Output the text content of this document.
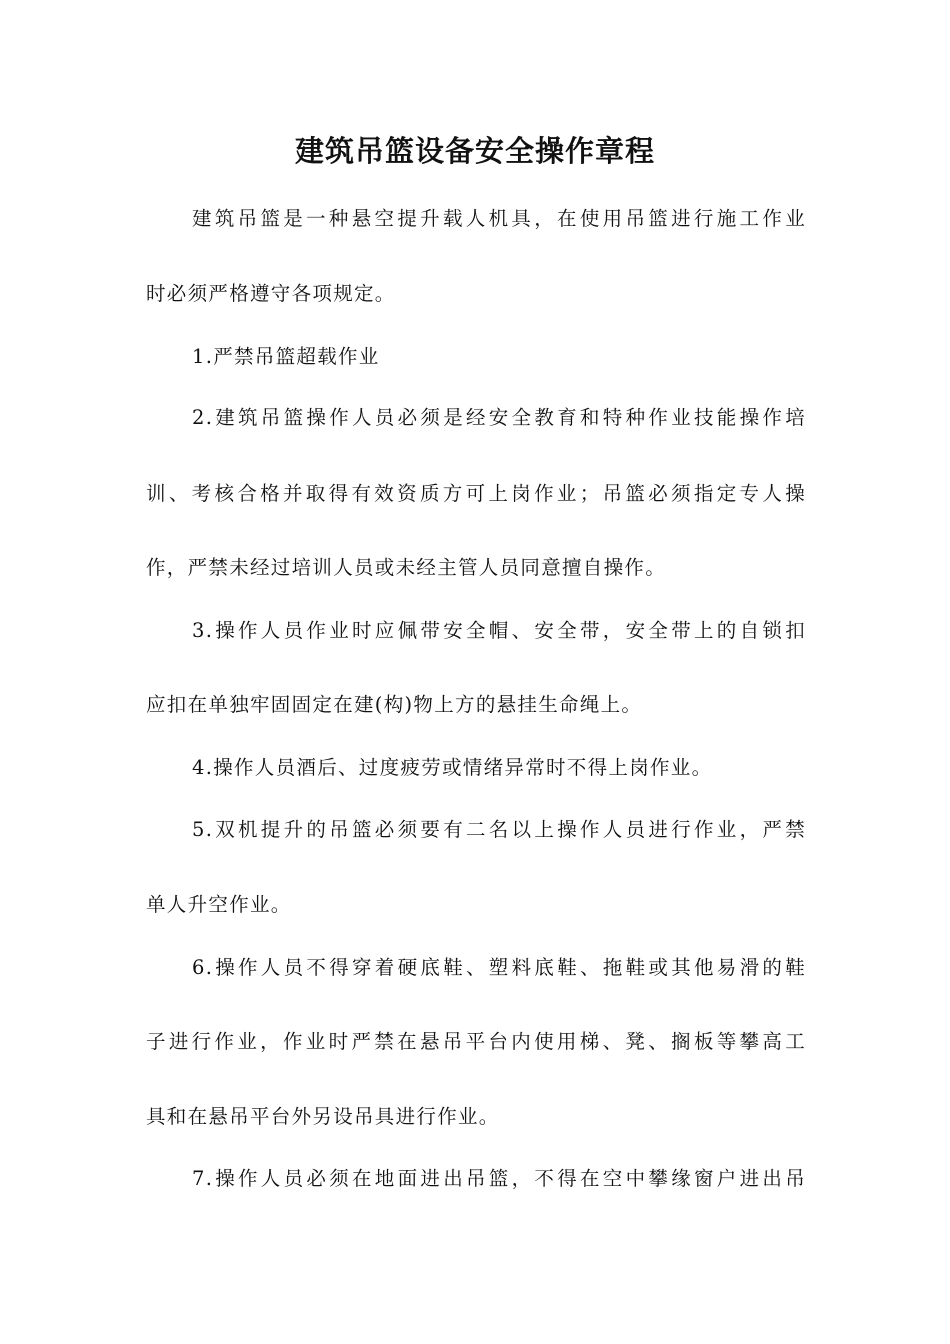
建筑吊篮设备安全操作章程
建筑吊篮是一种悬空提升载人机具，在使用吊篮进行施工作业
时必须严格遵守各项规定。
1.严禁吊篮超载作业
2.建筑吊篮操作人员必须是经安全教育和特种作业技能操作培
训、考核合格并取得有效资质方可上岗作业；吊篮必须指定专人操
作，严禁未经过培训人员或未经主管人员同意擅自操作。
3.操作人员作业时应佩带安全帽、安全带，安全带上的自锁扣
应扣在单独牢固固定在建(构)物上方的悬挂生命绳上。
4.操作人员酒后、过度疲劳或情绪异常时不得上岗作业。
5.双机提升的吊篮必须要有二名以上操作人员进行作业，严禁
单人升空作业。
6.操作人员不得穿着硬底鞋、塑料底鞋、拖鞋或其他易滑的鞋
子进行作业，作业时严禁在悬吊平台内使用梯、凳、搁板等攀高工
具和在悬吊平台外另设吊具进行作业。
7.操作人员必须在地面进出吊篮，不得在空中攀缘窗户进出吊
